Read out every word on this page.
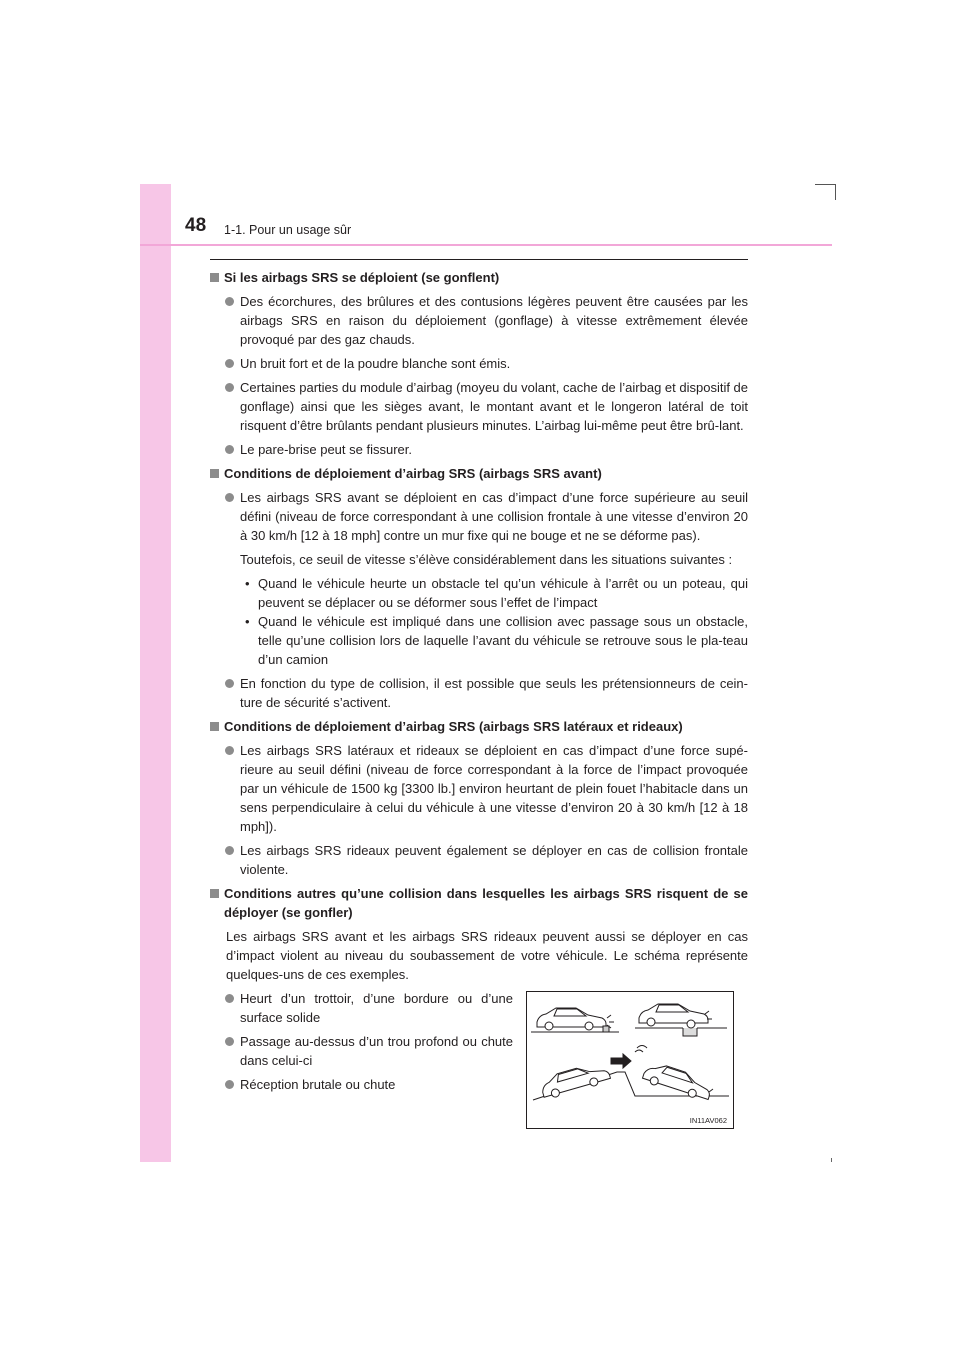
48 1-1. Pour un usage sûr
Si les airbags SRS se déploient (se gonflent)
Des écorchures, des brûlures et des contusions légères peuvent être causées par les airbags SRS en raison du déploiement (gonflage) à vitesse extrêmement élevée provoqué par des gaz chauds.
Un bruit fort et de la poudre blanche sont émis.
Certaines parties du module d’airbag (moyeu du volant, cache de l’airbag et dispositif de gonflage) ainsi que les sièges avant, le montant avant et le longeron latéral de toit risquent d’être brûlants pendant plusieurs minutes. L’airbag lui-même peut être brû-lant.
Le pare-brise peut se fissurer.
Conditions de déploiement d’airbag SRS (airbags SRS avant)
Les airbags SRS avant se déploient en cas d’impact d’une force supérieure au seuil défini (niveau de force correspondant à une collision frontale à une vitesse d’environ 20 à 30 km/h [12 à 18 mph] contre un mur fixe qui ne bouge et ne se déforme pas).
Toutefois, ce seuil de vitesse s’élève considérablement dans les situations suivantes :
• Quand le véhicule heurte un obstacle tel qu’un véhicule à l’arrêt ou un poteau, qui peuvent se déplacer ou se déformer sous l’effet de l’impact
• Quand le véhicule est impliqué dans une collision avec passage sous un obstacle, telle qu’une collision lors de laquelle l’avant du véhicule se retrouve sous le pla-teau d’un camion
En fonction du type de collision, il est possible que seuls les prétensionneurs de cein-ture de sécurité s’activent.
Conditions de déploiement d’airbag SRS (airbags SRS latéraux et rideaux)
Les airbags SRS latéraux et rideaux se déploient en cas d’impact d’une force supé-rieure au seuil défini (niveau de force correspondant à la force de l’impact provoquée par un véhicule de 1500 kg [3300 lb.] environ heurtant de plein fouet l’habitacle dans un sens perpendiculaire à celui du véhicule à une vitesse d’environ 20 à 30 km/h [12 à 18 mph]).
Les airbags SRS rideaux peuvent également se déployer en cas de collision frontale violente.
Conditions autres qu’une collision dans lesquelles les airbags SRS risquent de se déployer (se gonfler)
Les airbags SRS avant et les airbags SRS rideaux peuvent aussi se déployer en cas d’impact violent au niveau du soubassement de votre véhicule. Le schéma représente quelques-uns de ces exemples.
Heurt d’un trottoir, d’une bordure ou d’une surface solide
Passage au-dessus d’un trou profond ou chute dans celui-ci
Réception brutale ou chute
IN11AV062
